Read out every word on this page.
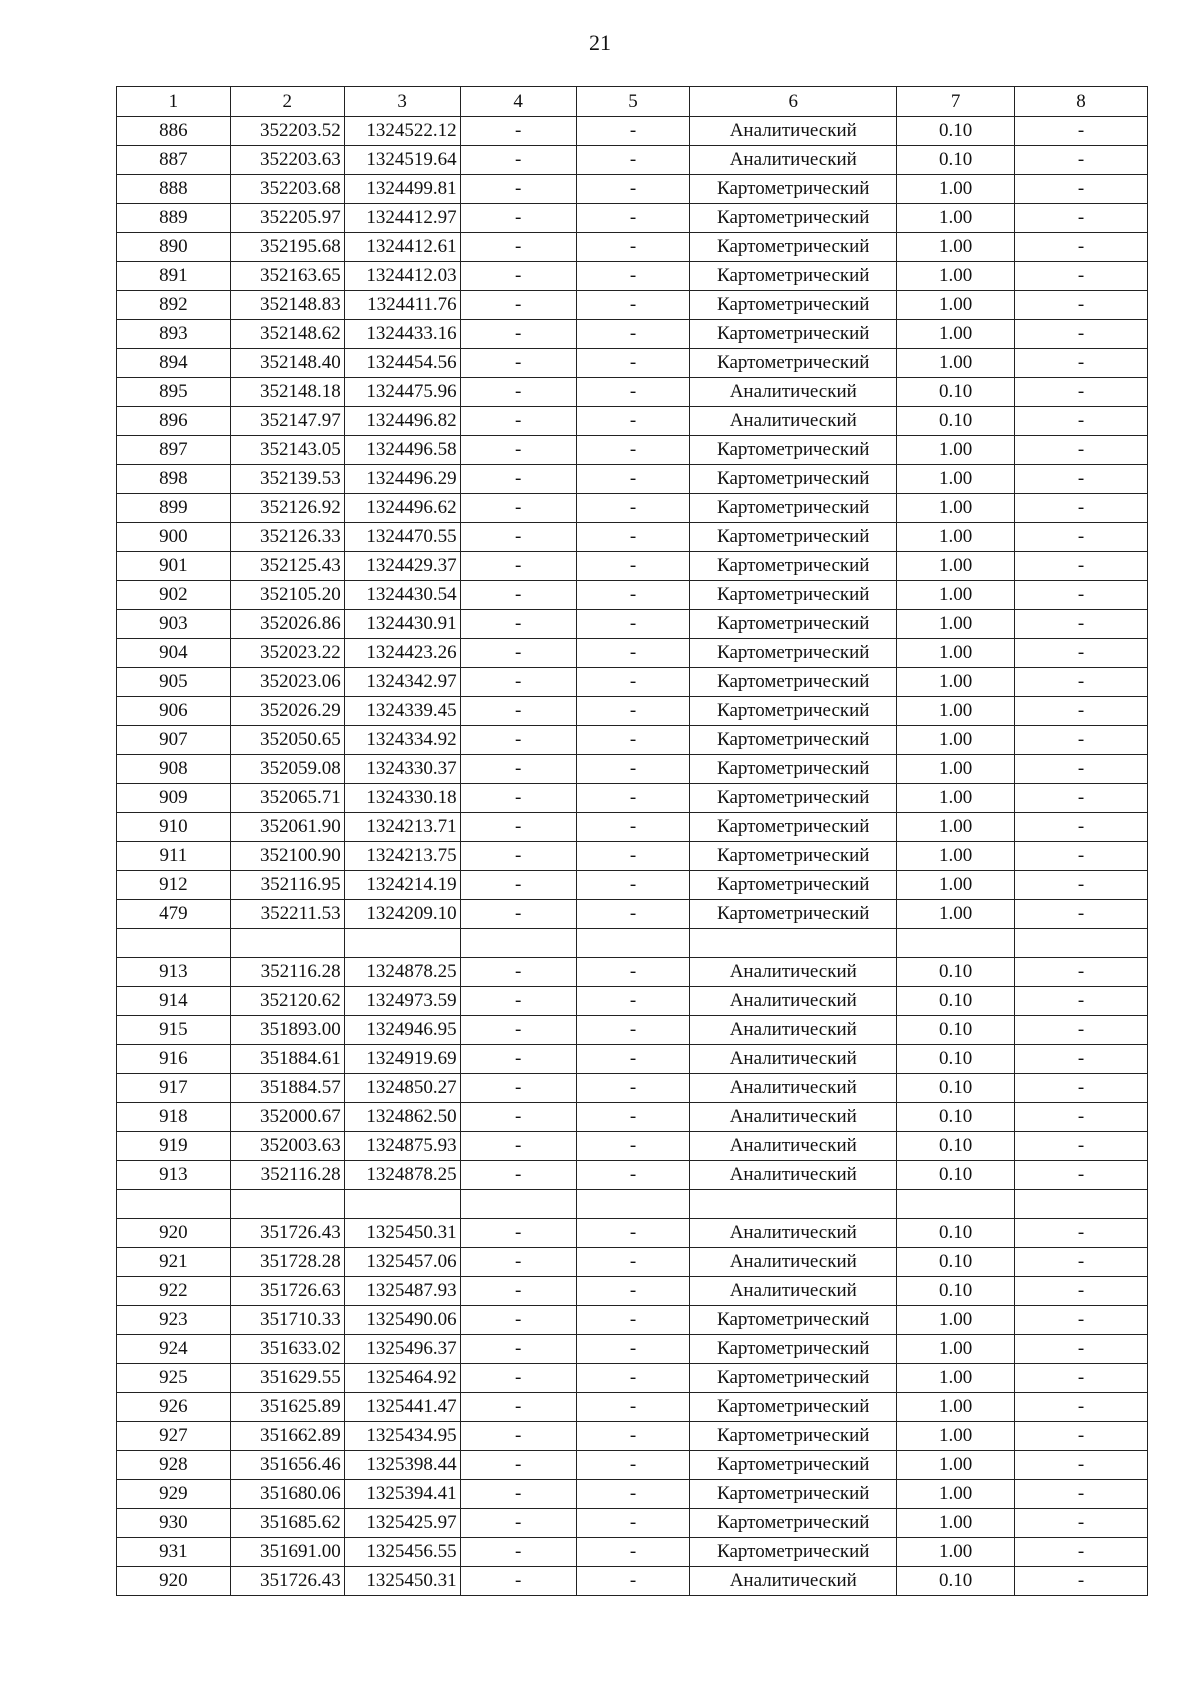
21
1	2	3	4	5	6	7	8
886	352203.52	1324522.12	-	-	Аналитический	0.10	-
887	352203.63	1324519.64	-	-	Аналитический	0.10	-
888	352203.68	1324499.81	-	-	Картометрический	1.00	-
889	352205.97	1324412.97	-	-	Картометрический	1.00	-
890	352195.68	1324412.61	-	-	Картометрический	1.00	-
891	352163.65	1324412.03	-	-	Картометрический	1.00	-
892	352148.83	1324411.76	-	-	Картометрический	1.00	-
893	352148.62	1324433.16	-	-	Картометрический	1.00	-
894	352148.40	1324454.56	-	-	Картометрический	1.00	-
895	352148.18	1324475.96	-	-	Аналитический	0.10	-
896	352147.97	1324496.82	-	-	Аналитический	0.10	-
897	352143.05	1324496.58	-	-	Картометрический	1.00	-
898	352139.53	1324496.29	-	-	Картометрический	1.00	-
899	352126.92	1324496.62	-	-	Картометрический	1.00	-
900	352126.33	1324470.55	-	-	Картометрический	1.00	-
901	352125.43	1324429.37	-	-	Картометрический	1.00	-
902	352105.20	1324430.54	-	-	Картометрический	1.00	-
903	352026.86	1324430.91	-	-	Картометрический	1.00	-
904	352023.22	1324423.26	-	-	Картометрический	1.00	-
905	352023.06	1324342.97	-	-	Картометрический	1.00	-
906	352026.29	1324339.45	-	-	Картометрический	1.00	-
907	352050.65	1324334.92	-	-	Картометрический	1.00	-
908	352059.08	1324330.37	-	-	Картометрический	1.00	-
909	352065.71	1324330.18	-	-	Картометрический	1.00	-
910	352061.90	1324213.71	-	-	Картометрический	1.00	-
911	352100.90	1324213.75	-	-	Картометрический	1.00	-
912	352116.95	1324214.19	-	-	Картометрический	1.00	-
479	352211.53	1324209.10	-	-	Картометрический	1.00	-

913	352116.28	1324878.25	-	-	Аналитический	0.10	-
914	352120.62	1324973.59	-	-	Аналитический	0.10	-
915	351893.00	1324946.95	-	-	Аналитический	0.10	-
916	351884.61	1324919.69	-	-	Аналитический	0.10	-
917	351884.57	1324850.27	-	-	Аналитический	0.10	-
918	352000.67	1324862.50	-	-	Аналитический	0.10	-
919	352003.63	1324875.93	-	-	Аналитический	0.10	-
913	352116.28	1324878.25	-	-	Аналитический	0.10	-

920	351726.43	1325450.31	-	-	Аналитический	0.10	-
921	351728.28	1325457.06	-	-	Аналитический	0.10	-
922	351726.63	1325487.93	-	-	Аналитический	0.10	-
923	351710.33	1325490.06	-	-	Картометрический	1.00	-
924	351633.02	1325496.37	-	-	Картометрический	1.00	-
925	351629.55	1325464.92	-	-	Картометрический	1.00	-
926	351625.89	1325441.47	-	-	Картометрический	1.00	-
927	351662.89	1325434.95	-	-	Картометрический	1.00	-
928	351656.46	1325398.44	-	-	Картометрический	1.00	-
929	351680.06	1325394.41	-	-	Картометрический	1.00	-
930	351685.62	1325425.97	-	-	Картометрический	1.00	-
931	351691.00	1325456.55	-	-	Картометрический	1.00	-
920	351726.43	1325450.31	-	-	Аналитический	0.10	-
